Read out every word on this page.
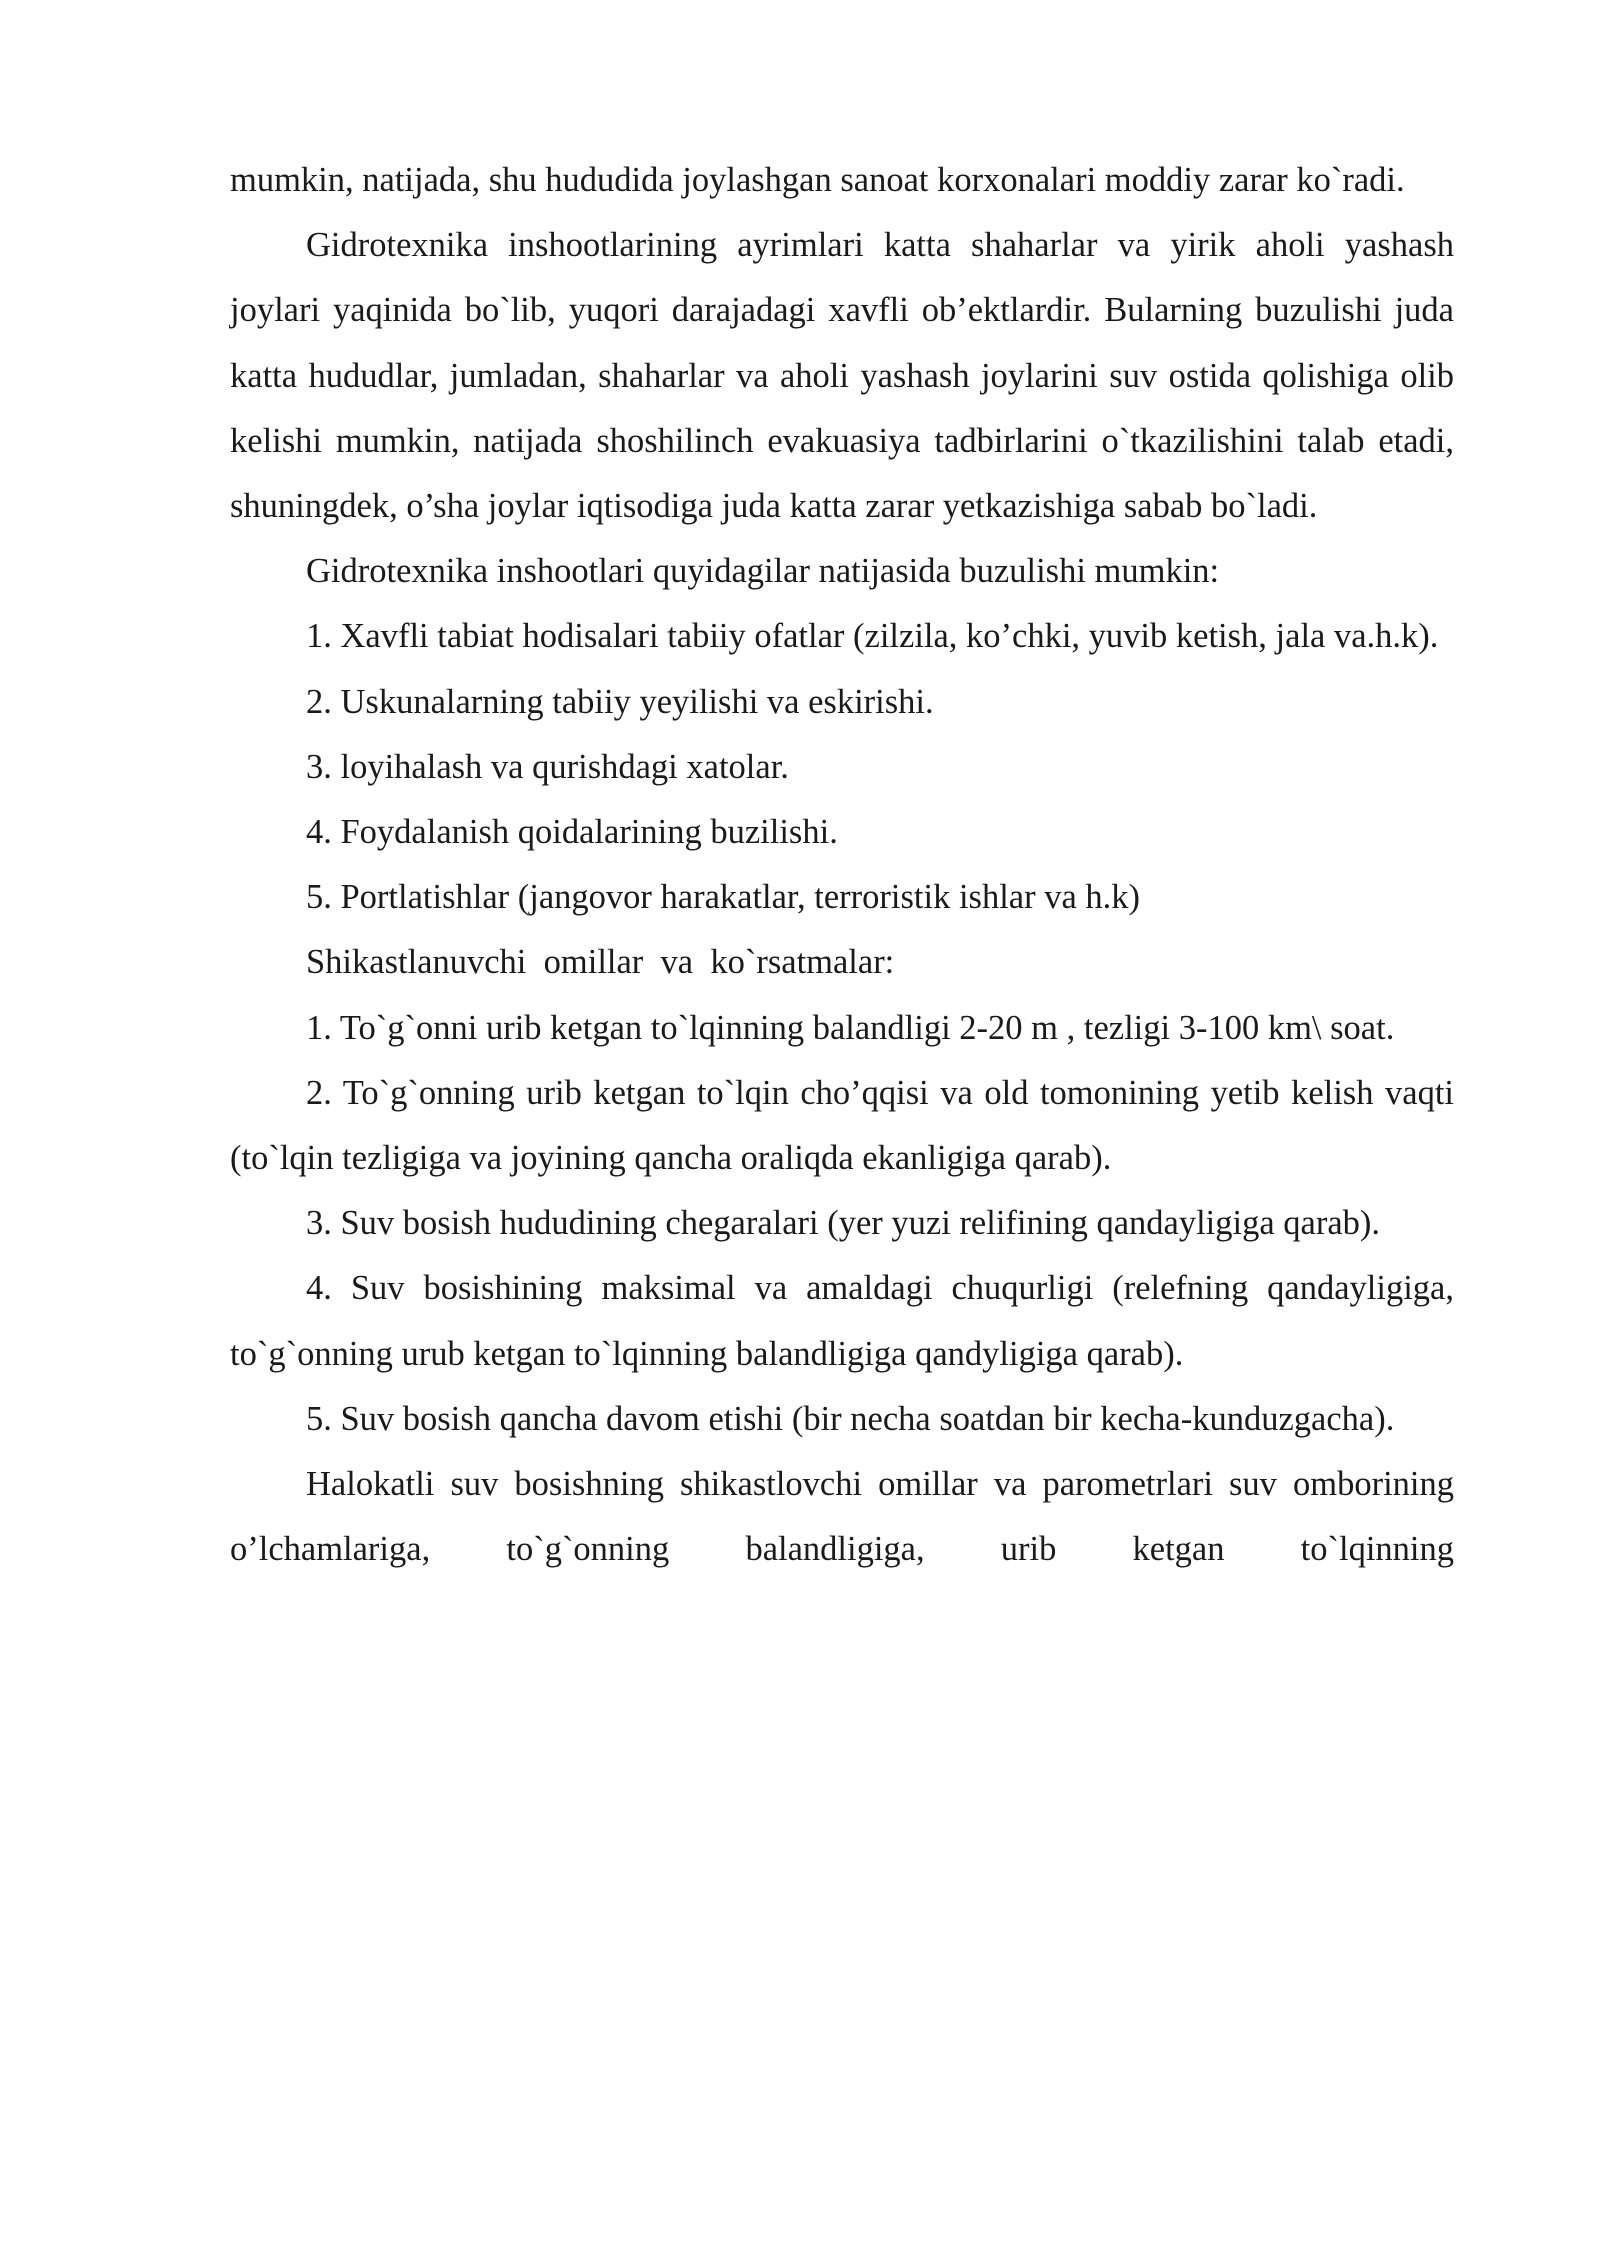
mumkin, natijada, shu hududida joylashgan sanoat korxonalari moddiy zarar ko`radi.

Gidrotexnika inshootlarining ayrimlari katta shaharlar va yirik aholi yashash joylari yaqinida bo`lib, yuqori darajadagi xavfli ob’ektlardir. Bularning buzulishi juda katta hududlar, jumladan, shaharlar va aholi yashash joylarini suv ostida qolishiga olib kelishi mumkin, natijada shoshilinch evakuasiya tadbirlarini o`tkazilishini talab etadi, shuningdek, o’sha joylar iqtisodiga juda katta zarar yetkazishiga sabab bo`ladi.

Gidrotexnika inshootlari quyidagilar natijasida buzulishi mumkin:

1. Xavfli tabiat hodisalari tabiiy ofatlar (zilzila, ko’chki, yuvib ketish, jala va.h.k).

2. Uskunalarning tabiiy yeyilishi va eskirishi.

3. loyihalash va qurishdagi xatolar.

4. Foydalanish qoidalarining buzilishi.

5. Portlatishlar (jangovor harakatlar, terroristik ishlar va h.k)

Shikastlanuvchi  omillar  va  ko`rsatmalar:

1. To`g`onni urib ketgan to`lqinning balandligi 2-20 m , tezligi 3-100 km\ soat.

2. To`g`onning urib ketgan to`lqin cho’qqisi va old tomonining yetib kelish vaqti (to`lqin tezligiga va joyining qancha oraliqda ekanligiga qarab).

3. Suv bosish hududining chegaralari (yer yuzi relifining qandayligiga qarab).

4. Suv bosishining maksimal va amaldagi chuqurligi (relefning qandayligiga, to`g`onning urub ketgan to`lqinning balandligiga qandyligiga qarab).

5. Suv bosish qancha davom etishi (bir necha soatdan bir kecha-kunduzgacha).

Halokatli suv bosishning shikastlovchi omillar va parometrlari suv omborining o’lchamlariga, to`g`onning balandligiga, urib ketgan to`lqinning
